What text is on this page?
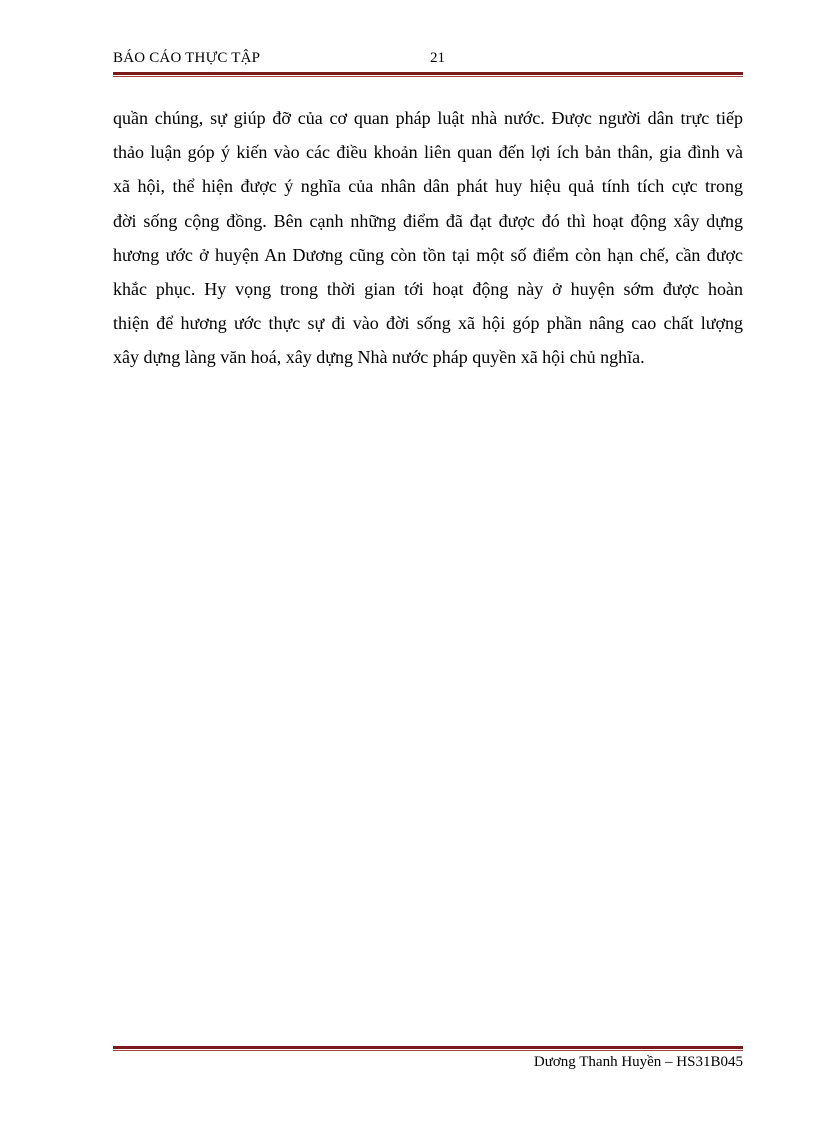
BÁO CÁO THỰC TẬP	21
quần chúng, sự giúp đỡ của cơ quan pháp luật nhà nước. Được người dân trực tiếp
thảo luận góp ý kiến vào các điều khoản liên quan đến lợi ích bản thân, gia đình và
xã hội, thể hiện được ý nghĩa của nhân dân phát huy hiệu quả tính tích cực trong
đời sống cộng đồng. Bên cạnh những điểm đã đạt được đó thì hoạt động xây dựng
hương ước ở huyện An Dương cũng còn tồn tại một số điểm còn hạn chế, cần được
khắc phục. Hy vọng trong thời gian tới hoạt động này ở huyện sớm được hoàn
thiện để hương ước thực sự đi vào đời sống xã hội góp phần nâng cao chất lượng
xây dựng làng văn hoá, xây dựng Nhà nước pháp quyền xã hội chủ nghĩa.
Dương Thanh Huyền – HS31B045
